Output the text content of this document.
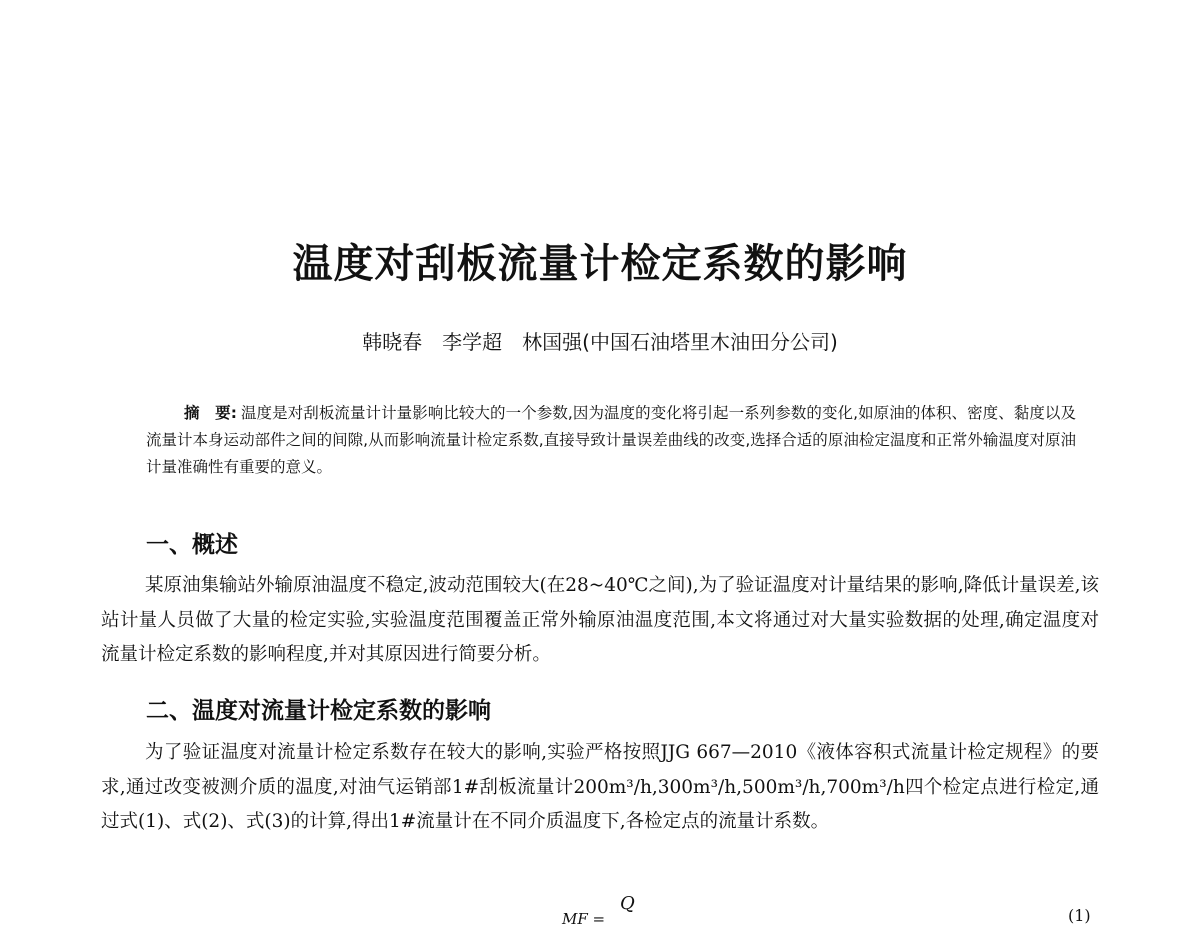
温度对刮板流量计检定系数的影响
韩晓春　李学超　林国强(中国石油塔里木油田分公司)
摘　要: 温度是对刮板流量计计量影响比较大的一个参数,因为温度的变化将引起一系列参数的变化,如原油的体积、密度、黏度以及流量计本身运动部件之间的间隙,从而影响流量计检定系数,直接导致计量误差曲线的改变,选择合适的原油检定温度和正常外输温度对原油计量准确性有重要的意义。
一、概述
某原油集输站外输原油温度不稳定,波动范围较大(在28~40℃之间),为了验证温度对计量结果的影响,降低计量误差,该站计量人员做了大量的检定实验,实验温度范围覆盖正常外输原油温度范围,本文将通过对大量实验数据的处理,确定温度对流量计检定系数的影响程度,并对其原因进行简要分析。
二、温度对流量计检定系数的影响
为了验证温度对流量计检定系数存在较大的影响,实验严格按照JJG 667—2010《液体容积式流量计检定规程》的要求,通过改变被测介质的温度,对油气运销部1#刮板流量计200m³/h,300m³/h,500m³/h,700m³/h四个检定点进行检定,通过式(1)、式(2)、式(3)的计算,得出1#流量计在不同介质温度下,各检定点的流量计系数。
Q
MF =	(1)
